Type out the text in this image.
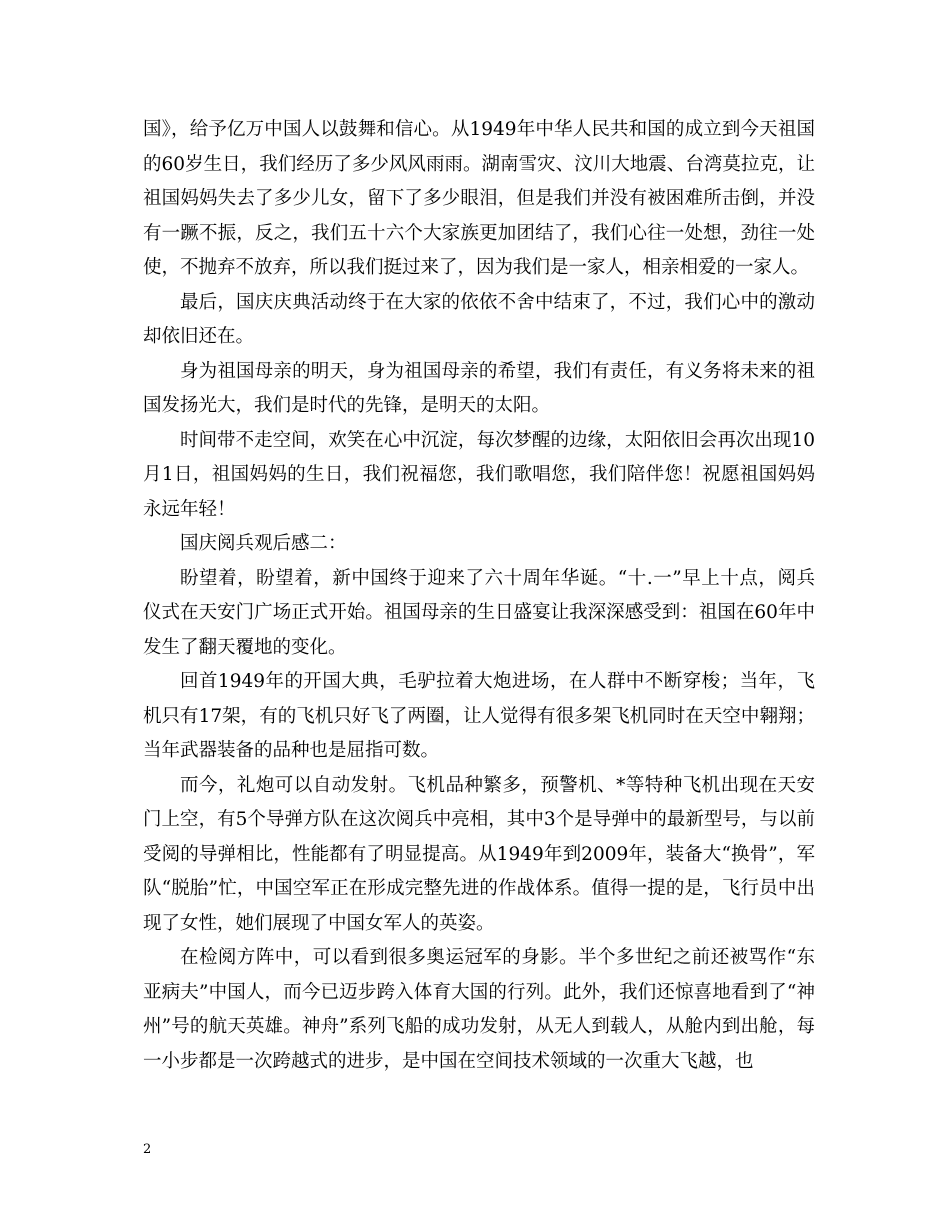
国》，给予亿万中国人以鼓舞和信心。从1949年中华人民共和国的成立到今天祖国的60岁生日，我们经历了多少风风雨雨。湖南雪灾、汶川大地震、台湾莫拉克，让祖国妈妈失去了多少儿女，留下了多少眼泪，但是我们并没有被困难所击倒，并没有一蹶不振，反之，我们五十六个大家族更加团结了，我们心往一处想，劲往一处使，不抛弃不放弃，所以我们挺过来了，因为我们是一家人，相亲相爱的一家人。

最后，国庆庆典活动终于在大家的依依不舍中结束了，不过，我们心中的激动却依旧还在。

身为祖国母亲的明天，身为祖国母亲的希望，我们有责任，有义务将未来的祖国发扬光大，我们是时代的先锋，是明天的太阳。

时间带不走空间，欢笑在心中沉淀，每次梦醒的边缘，太阳依旧会再次出现10月1日，祖国妈妈的生日，我们祝福您，我们歌唱您，我们陪伴您！祝愿祖国妈妈永远年轻！

国庆阅兵观后感二：

盼望着，盼望着，新中国终于迎来了六十周年华诞。“十.一”早上十点，阅兵仪式在天安门广场正式开始。祖国母亲的生日盛宴让我深深感受到：祖国在60年中发生了翻天覆地的变化。

回首1949年的开国大典，毛驴拉着大炮进场，在人群中不断穿梭；当年，飞机只有17架，有的飞机只好飞了两圈，让人觉得有很多架飞机同时在天空中翱翔；当年武器装备的品种也是屈指可数。

而今，礼炮可以自动发射。飞机品种繁多，预警机、*等特种飞机出现在天安门上空，有5个导弹方队在这次阅兵中亮相，其中3个是导弹中的最新型号，与以前受阅的导弹相比，性能都有了明显提高。从1949年到2009年，装备大“换骨”，军队“脱胎”忙，中国空军正在形成完整先进的作战体系。值得一提的是，飞行员中出现了女性，她们展现了中国女军人的英姿。

在检阅方阵中，可以看到很多奥运冠军的身影。半个多世纪之前还被骂作“东亚病夫”中国人，而今已迈步跨入体育大国的行列。此外，我们还惊喜地看到了“神州”号的航天英雄。神舟”系列飞船的成功发射，从无人到载人，从舱内到出舱，每一小步都是一次跨越式的进步，是中国在空间技术领域的一次重大飞越，也

2
